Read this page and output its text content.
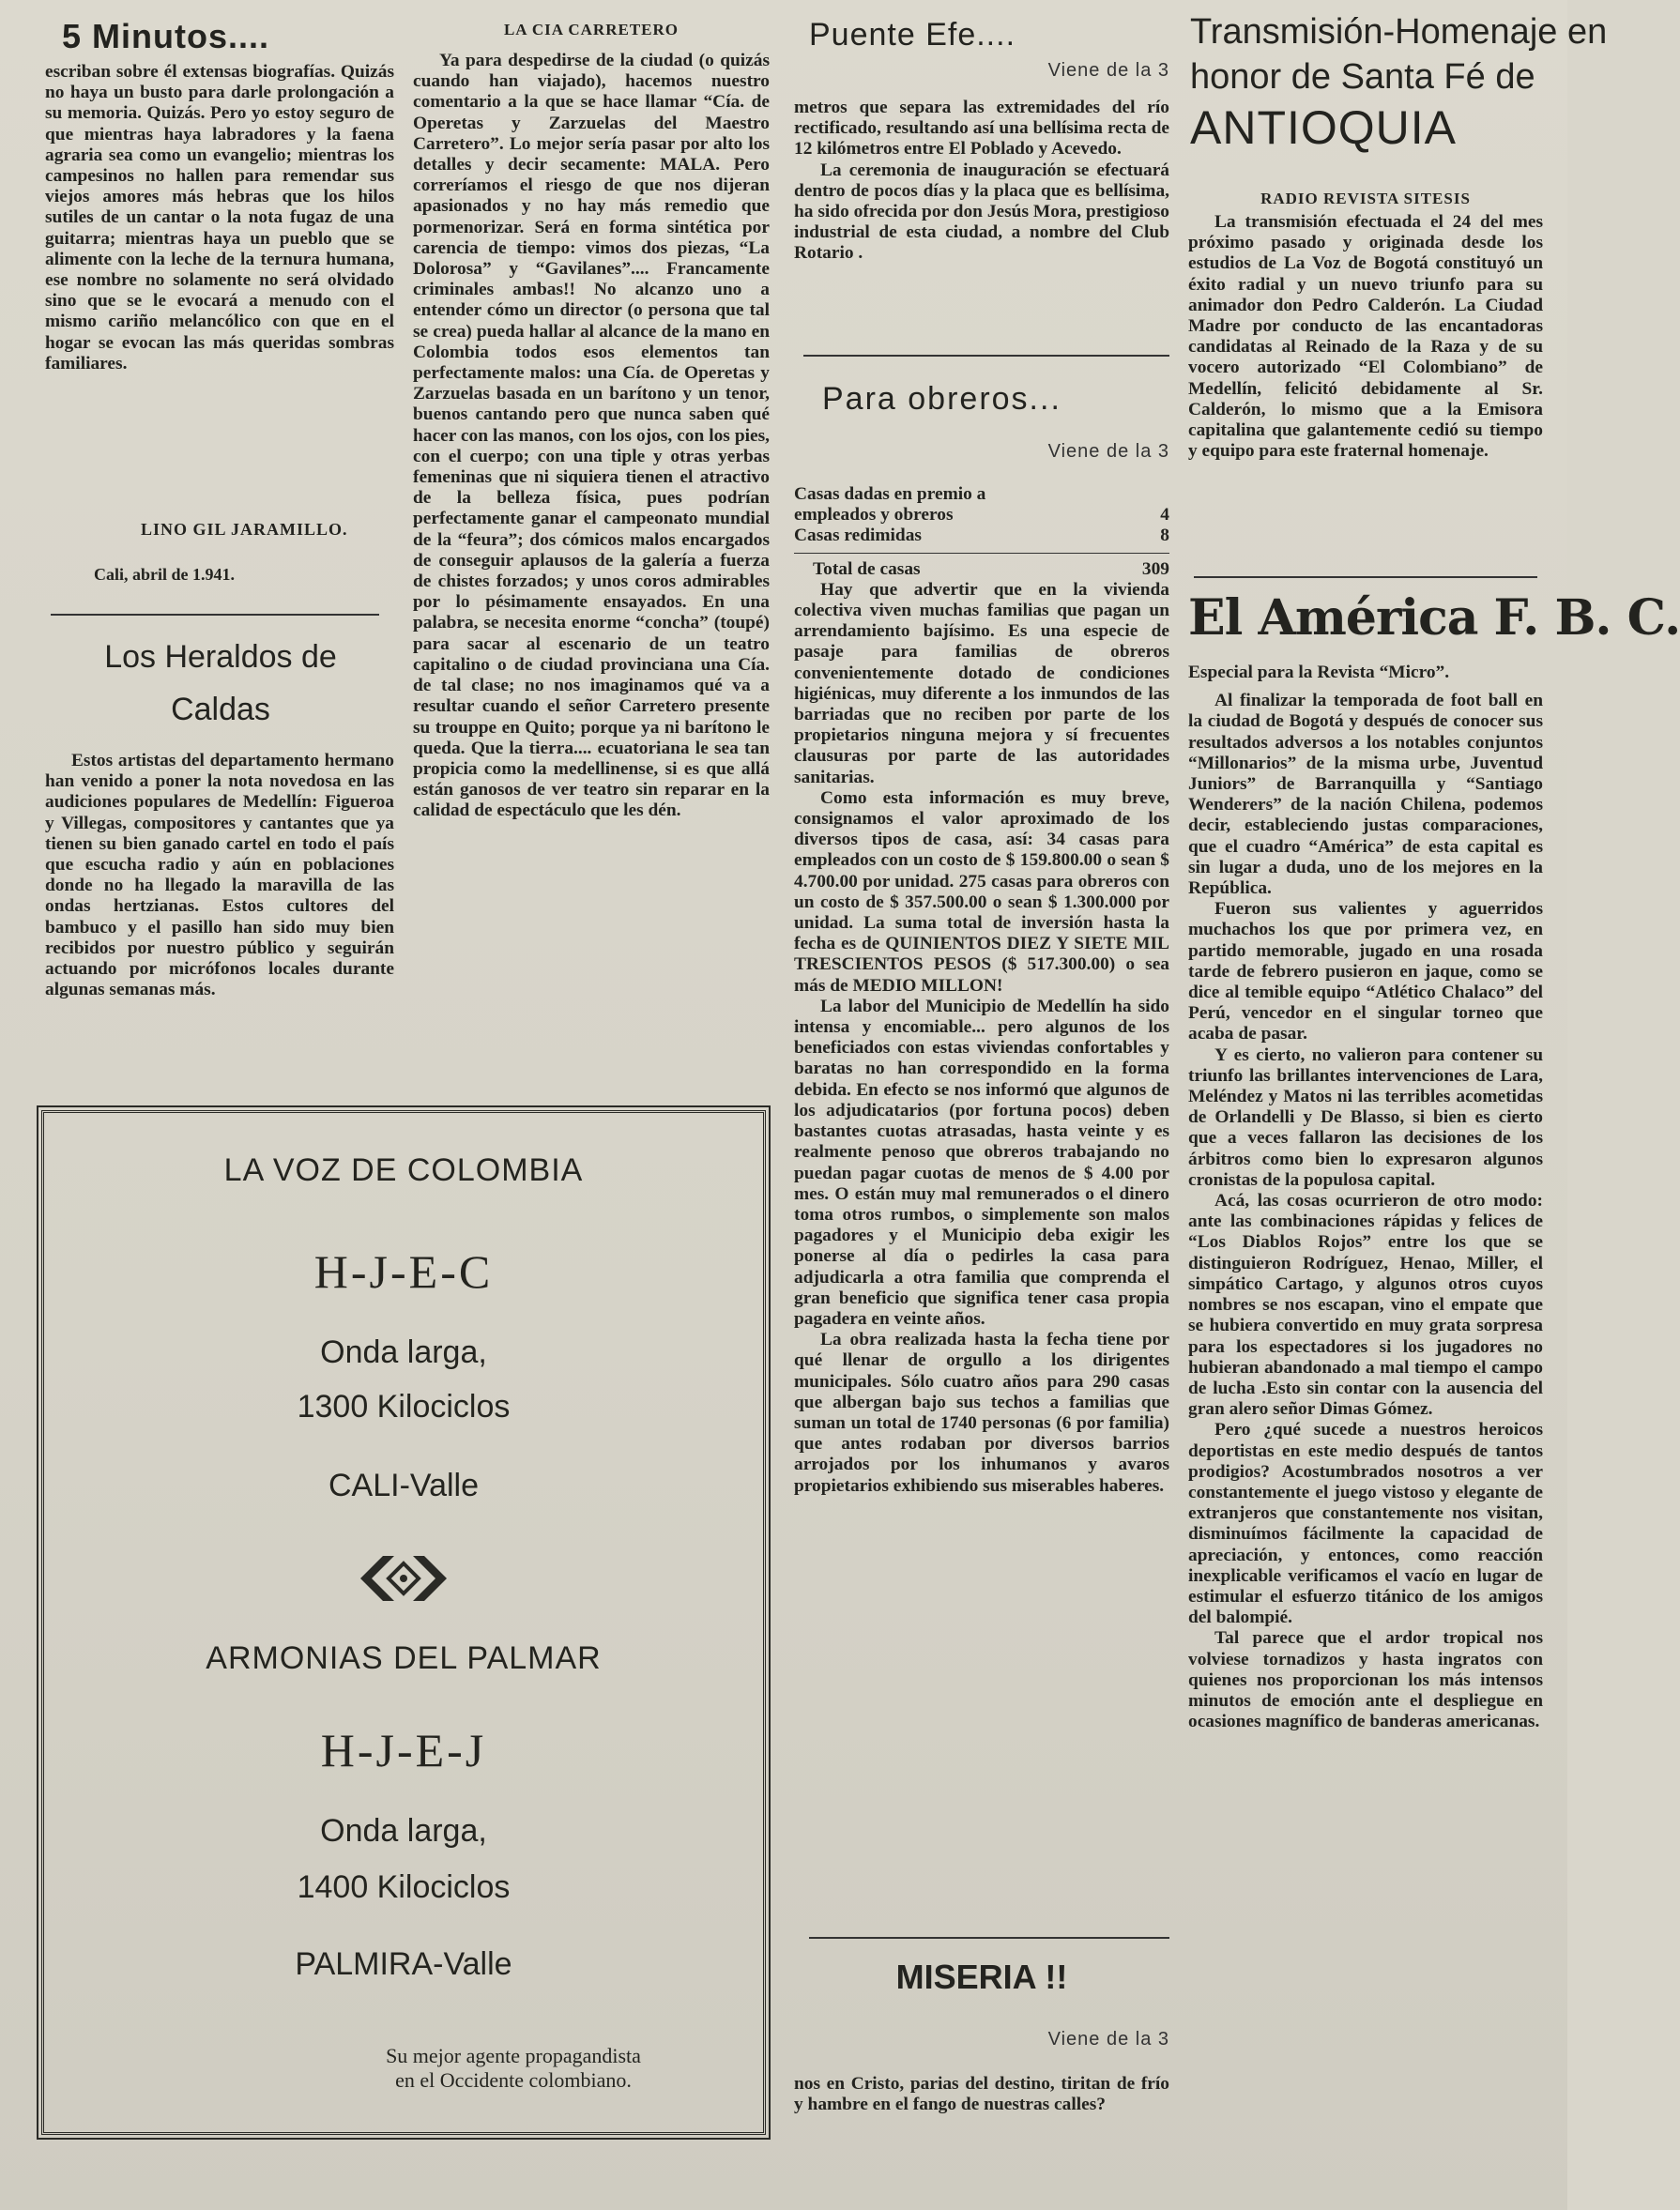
5 Minutos....

escriban sobre él extensas biografías. Quizás no haya un busto para darle prolongación a su memoria. Quizás. Pero yo estoy seguro de que mientras haya labradores y la faena agraria sea como un evangelio; mientras los campesinos no hallen para remendar sus viejos amores más hebras que los hilos sutiles de un cantar o la nota fugaz de una guitarra; mientras haya un pueblo que se alimente con la leche de la ternura humana, ese nombre no solamente no será olvidado sino que se le evocará a menudo con el mismo cariño melancólico con que en el hogar se evocan las más queridas sombras familiares.

LINO GIL JARAMILLO.
Cali, abril de 1.941.
Los Heraldos de
Caldas

Estos artistas del departamento hermano han venido a poner la nota novedosa en las audiciones populares de Medellín: Figueroa y Villegas, compositores y cantantes que ya tienen su bien ganado cartel en todo el país que escucha radio y aún en poblaciones donde no ha llegado la maravilla de las ondas hertzianas. Estos cultores del bambuco y el pasillo han sido muy bien recibidos por nuestro público y seguirán actuando por micrófonos locales durante algunas semanas más.

LA CIA CARRETERO

Ya para despedirse de la ciudad (o quizás cuando han viajado), hacemos nuestro comentario a la que se hace llamar “Cía. de Operetas y Zarzuelas del Maestro Carretero”. Lo mejor sería pasar por alto los detalles y decir secamente: MALA. Pero correríamos el riesgo de que nos dijeran apasionados y no hay más remedio que pormenorizar. Será en forma sintética por carencia de tiempo: vimos dos piezas, “La Dolorosa” y “Gavilanes”.... Francamente criminales ambas!! No alcanzo uno a entender cómo un director (o persona que tal se crea) pueda hallar al alcance de la mano en Colombia todos esos elementos tan perfectamente malos: una Cía. de Operetas y Zarzuelas basada en un barítono y un tenor, buenos cantando pero que nunca saben qué hacer con las manos, con los ojos, con los pies, con el cuerpo; con una tiple y otras yerbas femeninas que ni siquiera tienen el atractivo de la belleza física, pues podrían perfectamente ganar el campeonato mundial de la “feura”; dos cómicos malos encargados de conseguir aplausos de la galería a fuerza de chistes forzados; y unos coros admirables por lo pésimamente ensayados. En una palabra, se necesita enorme “concha” (toupé) para sacar al escenario de un teatro capitalino o de ciudad provinciana una Cía. de tal clase; no nos imaginamos qué va a resultar cuando el señor Carretero presente su trouppe en Quito; porque ya ni barítono le queda. Que la tierra.... ecuatoriana le sea tan propicia como la medellinense, si es que allá están ganosos de ver teatro sin reparar en la calidad de espectáculo que les dén.

LA VOZ DE COLOMBIA
H-J-E-C
Onda larga,
1300 Kilociclos
CALI-Valle
ARMONIAS DEL PALMAR
H-J-E-J
Onda larga,
1400 Kilociclos
PALMIRA-Valle
Su mejor agente propagandista
en el Occidente colombiano.
Puente Efe....
Viene de la 3

metros que separa las extremidades del río rectificado, resultando así una bellísima recta de 12 kilómetros entre El Poblado y Acevedo.

La ceremonia de inauguración se efectuará dentro de pocos días y la placa que es bellísima, ha sido ofrecida por don Jesús Mora, prestigioso industrial de esta ciudad, a nombre del Club Rotario .

Para obreros...
Viene de la 3
Casas dadas en premio a
empleados y obreros	4
Casas redimidas	8
Total de casas	309

Hay que advertir que en la vivienda colectiva viven muchas familias que pagan un arrendamiento bajísimo. Es una especie de pasaje para familias de obreros convenientemente dotado de condiciones higiénicas, muy diferente a los inmundos de las barriadas que no reciben por parte de los propietarios ninguna mejora y sí frecuentes clausuras por parte de las autoridades sanitarias.

Como esta información es muy breve, consignamos el valor aproximado de los diversos tipos de casa, así: 34 casas para empleados con un costo de $ 159.800.00 o sean $ 4.700.00 por unidad. 275 casas para obreros con un costo de $ 357.500.00 o sean $ 1.300.000 por unidad. La suma total de inversión hasta la fecha es de QUINIENTOS DIEZ Y SIETE MIL TRESCIENTOS PESOS ($ 517.300.00) o sea más de MEDIO MILLON!

La labor del Municipio de Medellín ha sido intensa y encomiable... pero algunos de los beneficiados con estas viviendas confortables y baratas no han correspondido en la forma debida. En efecto se nos informó que algunos de los adjudicatarios (por fortuna pocos) deben bastantes cuotas atrasadas, hasta veinte y es realmente penoso que obreros trabajando no puedan pagar cuotas de menos de $ 4.00 por mes. O están muy mal remunerados o el dinero toma otros rumbos, o simplemente son malos pagadores y el Municipio deba exigir les ponerse al día o pedirles la casa para adjudicarla a otra familia que comprenda el gran beneficio que significa tener casa propia pagadera en veinte años.

La obra realizada hasta la fecha tiene por qué llenar de orgullo a los dirigentes municipales. Sólo cuatro años para 290 casas que albergan bajo sus techos a familias que suman un total de 1740 personas (6 por familia) que antes rodaban por diversos barrios arrojados por los inhumanos y avaros propietarios exhibiendo sus miserables haberes.

MISERIA !!
Viene de la 3

nos en Cristo, parias del destino, tiritan de frío y hambre en el fango de nuestras calles?

Transmisión-Homenaje en
honor de Santa Fé de
ANTIOQUIA
RADIO REVISTA SITESIS

La transmisión efectuada el 24 del mes próximo pasado y originada desde los estudios de La Voz de Bogotá constituyó un éxito radial y un nuevo triunfo para su animador don Pedro Calderón. La Ciudad Madre por conducto de las encantadoras candidatas al Reinado de la Raza y de su vocero autorizado “El Colombiano” de Medellín, felicitó debidamente al Sr. Calderón, lo mismo que a la Emisora capitalina que galantemente cedió su tiempo y equipo para este fraternal homenaje.

El América F. B. C.

Especial para la Revista “Micro”.

Al finalizar la temporada de foot ball en la ciudad de Bogotá y después de conocer sus resultados adversos a los notables conjuntos “Millonarios” de la misma urbe, Juventud Juniors” de Barranquilla y “Santiago Wenderers” de la nación Chilena, podemos decir, estableciendo justas comparaciones, que el cuadro “América” de esta capital es sin lugar a duda, uno de los mejores en la República.

Fueron sus valientes y aguerridos muchachos los que por primera vez, en partido memorable, jugado en una rosada tarde de febrero pusieron en jaque, como se dice al temible equipo “Atlético Chalaco” del Perú, vencedor en el singular torneo que acaba de pasar.

Y es cierto, no valieron para contener su triunfo las brillantes intervenciones de Lara, Meléndez y Matos ni las terribles acometidas de Orlandelli y De Blasso, si bien es cierto que a veces fallaron las decisiones de los árbitros como bien lo expresaron algunos cronistas de la populosa capital.

Acá, las cosas ocurrieron de otro modo: ante las combinaciones rápidas y felices de “Los Diablos Rojos” entre los que se distinguieron Rodríguez, Henao, Miller, el simpático Cartago, y algunos otros cuyos nombres se nos escapan, vino el empate que se hubiera convertido en muy grata sorpresa para los espectadores si los jugadores no hubieran abandonado a mal tiempo el campo de lucha .Esto sin contar con la ausencia del gran alero señor Dimas Gómez.

Pero ¿qué sucede a nuestros heroicos deportistas en este medio después de tantos prodigios? Acostumbrados nosotros a ver constantemente el juego vistoso y elegante de extranjeros que constantemente nos visitan, disminuímos fácilmente la capacidad de apreciación, y entonces, como reacción inexplicable verificamos el vacío en lugar de estimular el esfuerzo titánico de los amigos del balompié.

Tal parece que el ardor tropical nos volviese tornadizos y hasta ingratos con quienes nos proporcionan los más intensos minutos de emoción ante el despliegue en ocasiones magnífico de banderas americanas.
